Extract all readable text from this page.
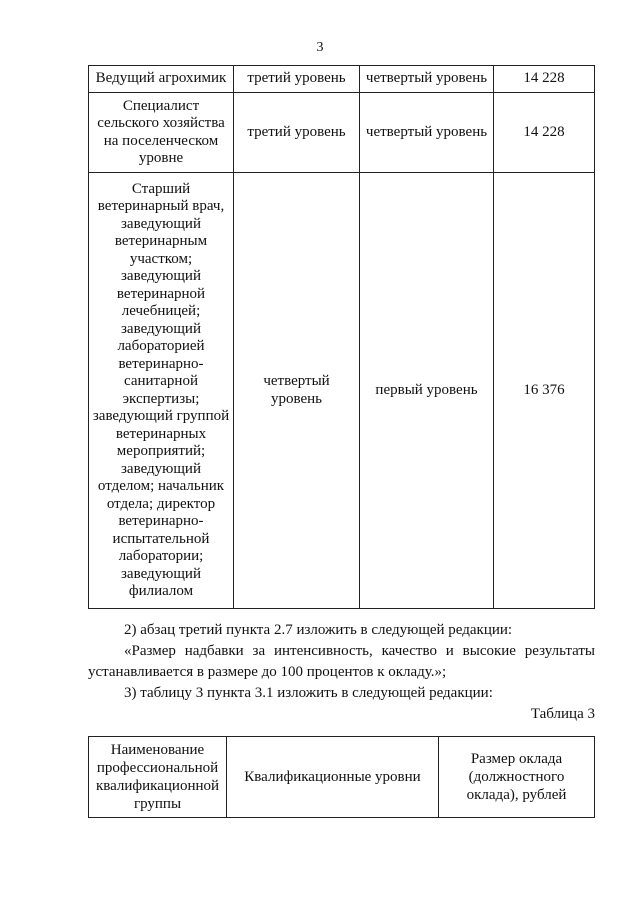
3
Ведущий агрохимик	третий уровень	четвертый уровень	14 228
Специалист сельского хозяйства на поселенческом уровне	третий уровень	четвертый уровень	14 228
Старший ветеринарный врач, заведующий ветеринарным участком; заведующий ветеринарной лечебницей; заведующий лабораторией ветеринарно-санитарной экспертизы; заведующий группой ветеринарных мероприятий; заведующий отделом; начальник отдела; директор ветеринарно-испытательной лаборатории; заведующий филиалом	четвертый уровень	первый уровень	16 376
2) абзац третий пункта 2.7 изложить в следующей редакции:
«Размер надбавки за интенсивность, качество и высокие результаты устанавливается в размере до 100 процентов к окладу.»;
3) таблицу 3 пункта 3.1 изложить в следующей редакции:
Таблица 3
Наименование профессиональной квалификационной группы	Квалификационные уровни	Размер оклада (должностного оклада), рублей
